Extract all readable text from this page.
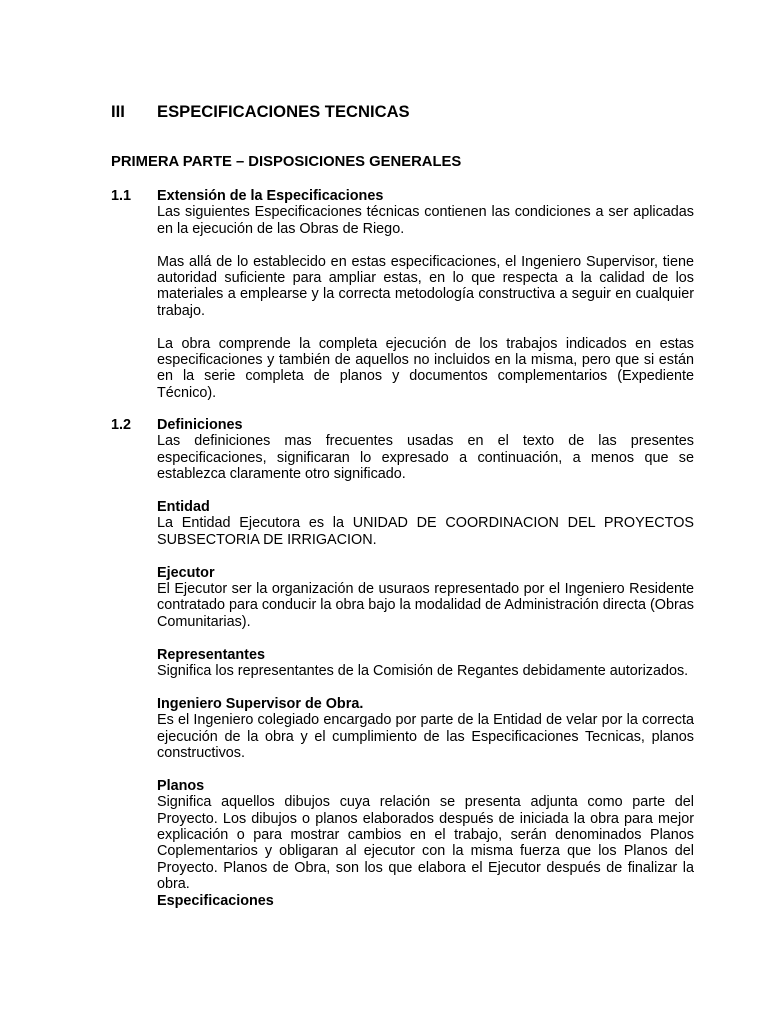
III ESPECIFICACIONES TECNICAS
PRIMERA PARTE – DISPOSICIONES GENERALES
1.1 Extensión de la Especificaciones

Las siguientes Especificaciones técnicas contienen las condiciones a ser aplicadas en la ejecución de las Obras de Riego.

Mas allá de lo establecido en estas especificaciones, el Ingeniero Supervisor, tiene autoridad suficiente para ampliar estas, en lo que respecta a la calidad de los materiales a emplearse y la correcta metodología constructiva a seguir en cualquier trabajo.

La obra comprende la completa ejecución de los trabajos indicados en estas especificaciones y también de aquellos no incluidos en la misma, pero que si están en la serie completa de planos y documentos complementarios (Expediente Técnico).

1.2 Definiciones

Las definiciones mas frecuentes usadas en el texto de las presentes especificaciones, significaran lo expresado a continuación, a menos que se establezca claramente otro significado.

Entidad

La Entidad Ejecutora es la UNIDAD DE COORDINACION DEL PROYECTOS SUBSECTORIA DE IRRIGACION.

Ejecutor

El Ejecutor ser la organización de usuraos representado por el Ingeniero Residente contratado para conducir la obra bajo la modalidad de Administración directa (Obras Comunitarias).

Representantes

Significa los representantes de la Comisión de Regantes debidamente autorizados.

Ingeniero Supervisor de Obra.

Es el Ingeniero colegiado encargado por parte de la Entidad de velar por la correcta ejecución de la obra y el cumplimiento de las Especificaciones Tecnicas, planos constructivos.

Planos

Significa aquellos dibujos cuya relación se presenta adjunta como parte del Proyecto. Los dibujos o planos elaborados después de iniciada la obra para mejor explicación o para mostrar cambios en el trabajo, serán denominados Planos Coplementarios y obligaran al ejecutor con la misma fuerza que los Planos del Proyecto. Planos de Obra, son los que elabora el Ejecutor después de finalizar la obra.

Especificaciones
